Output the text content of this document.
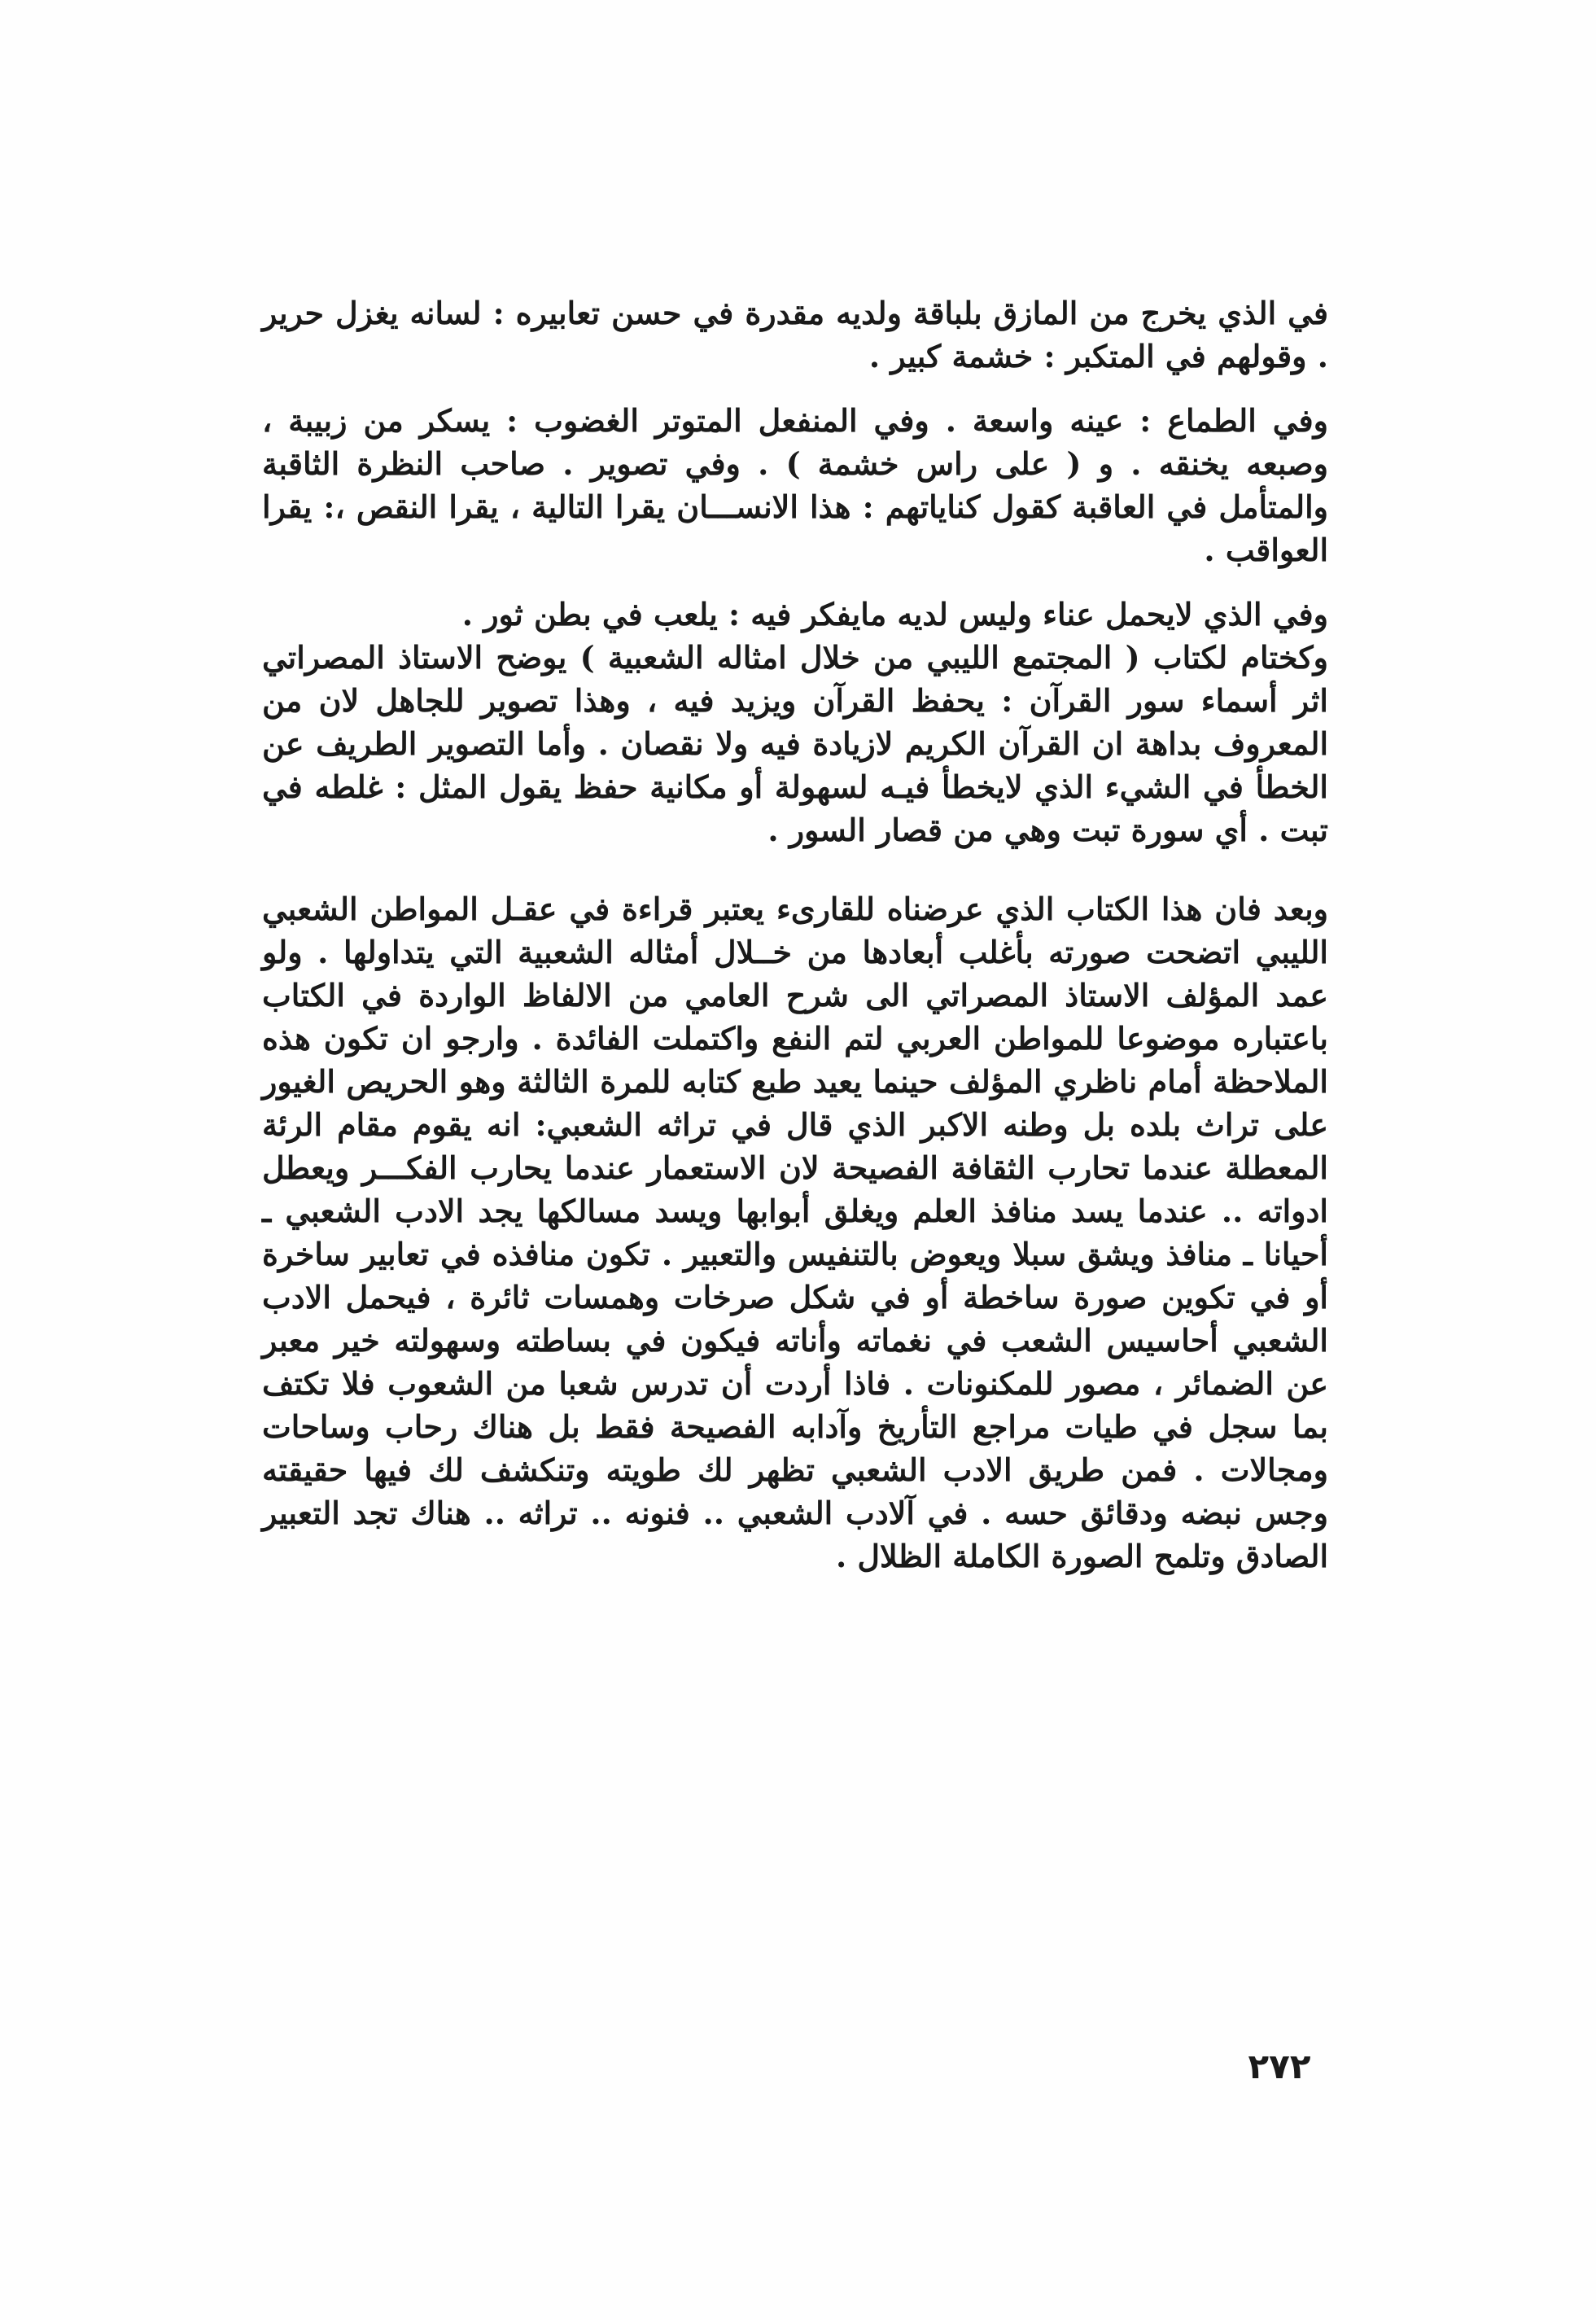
في الذي يخرج من المازق بلباقة ولديه مقدرة في حسن تعابيره : لسانه يغزل حرير . وقولهم في المتكبر : خشمة كبير .

وفي الطماع : عينه واسعة . وفي المنفعل المتوتر الغضوب : يسكر من زبيبة ، وصبعه يخنقه . و ( على راس خشمة ) . وفي تصوير . صاحب النظرة الثاقبة والمتأمل في العاقبة كقول كناياتهم : هذا الانســـان يقرا التالية ، يقرا النقص ،: يقرا العواقب .

وفي الذي لايحمل عناء وليس لديه مايفكر فيه : يلعب في بطن ثور .

وكختام لكتاب ( المجتمع الليبي من خلال امثاله الشعبية ) يوضح الاستاذ المصراتي اثر أسماء سور القرآن : يحفظ القرآن ويزيد فيه ، وهذا تصوير للجاهل لان من المعروف بداهة ان القرآن الكريم لازيادة فيه ولا نقصان . وأما التصوير الطريف عن الخطأ في الشيء الذي لايخطأ فيـه لسهولة أو مكانية حفظ يقول المثل : غلطه في تبت . أي سورة تبت وهي من قصار السور .

وبعد فان هذا الكتاب الذي عرضناه للقارىء يعتبر قراءة في عقـل المواطن الشعبي الليبي اتضحت صورته بأغلب أبعادها من خــلال أمثاله الشعبية التي يتداولها . ولو عمد المؤلف الاستاذ المصراتي الى شرح العامي من الالفاظ الواردة في الكتاب باعتباره موضوعا للمواطن العربي لتم النفع واكتملت الفائدة . وارجو ان تكون هذه الملاحظة أمام ناظري المؤلف حينما يعيد طبع كتابه للمرة الثالثة وهو الحريص الغيور على تراث بلده بل وطنه الاكبر الذي قال في تراثه الشعبي: انه يقوم مقام الرئة المعطلة عندما تحارب الثقافة الفصيحة لان الاستعمار عندما يحارب الفكـــر ويعطل ادواته .. عندما يسد منافذ العلم ويغلق أبوابها ويسد مسالكها يجد الادب الشعبي ـ أحيانا ـ منافذ ويشق سبلا ويعوض بالتنفيس والتعبير . تكون منافذه في تعابير ساخرة أو في تكوين صورة ساخطة أو في شكل صرخات وهمسات ثائرة ، فيحمل الادب الشعبي أحاسيس الشعب في نغماته وأناته فيكون في بساطته وسهولته خير معبر عن الضمائر ، مصور للمكنونات . فاذا أردت أن تدرس شعبا من الشعوب فلا تكتف بما سجل في طيات مراجع التأريخ وآدابه الفصيحة فقط بل هناك رحاب وساحات ومجالات . فمن طريق الادب الشعبي تظهر لك طويته وتنكشف لك فيها حقيقته وجس نبضه ودقائق حسه . في آلادب الشعبي .. فنونه .. تراثه .. هناك تجد التعبير الصادق وتلمح الصورة الكاملة الظلال .

٢٧٢
